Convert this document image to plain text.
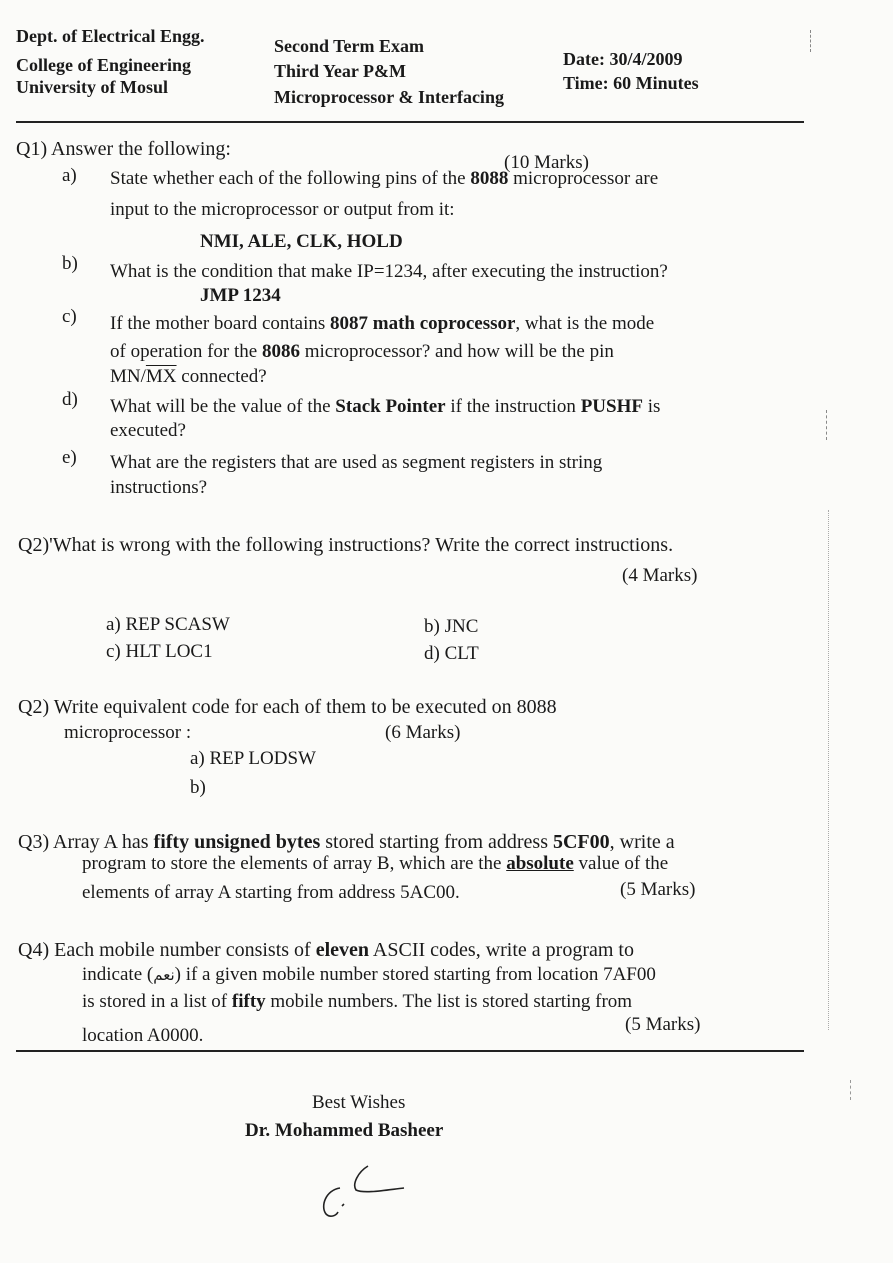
Dept. of Electrical Engg.
College of Engineering
University of Mosul
Second Term Exam
Third Year P&M
Microprocessor & Interfacing
Date: 30/4/2009
Time: 60 Minutes
Q1) Answer the following:
(10 Marks)
a) State whether each of the following pins of the 8088 microprocessor are
input to the microprocessor or output from it:
NMI, ALE, CLK, HOLD
b) What is the condition that make IP=1234, after executing the instruction?
JMP 1234
c) If the mother board contains 8087 math coprocessor, what is the mode
of operation for the 8086 microprocessor? and how will be the pin
$MN/\overline{MX}$ connected?
d) What will be the value of the Stack Pointer if the instruction PUSHF is
executed?
e) What are the registers that are used as segment registers in string
instructions?
Q2)'What is wrong with the following instructions? Write the correct instructions.
(4 Marks)
a) REP SCASW	b) JNC
c) HLT LOC1	d) CLT
Q2) Write equivalent code for each of them to be executed on 8088
microprocessor :	(6 Marks)
a) REP LODSW
b)
Q3) Array A has fifty unsigned bytes stored starting from address 5CF00, write a
program to store the elements of array B, which are the absolute value of the
elements of array A starting from address 5AC00.	(5 Marks)
Q4) Each mobile number consists of eleven ASCII codes, write a program to
indicate (نعم) if a given mobile number stored starting from location 7AF00
is stored in a list of fifty mobile numbers. The list is stored starting from
location A0000.
(5 Marks)
Best Wishes
Dr. Mohammed Basheer
